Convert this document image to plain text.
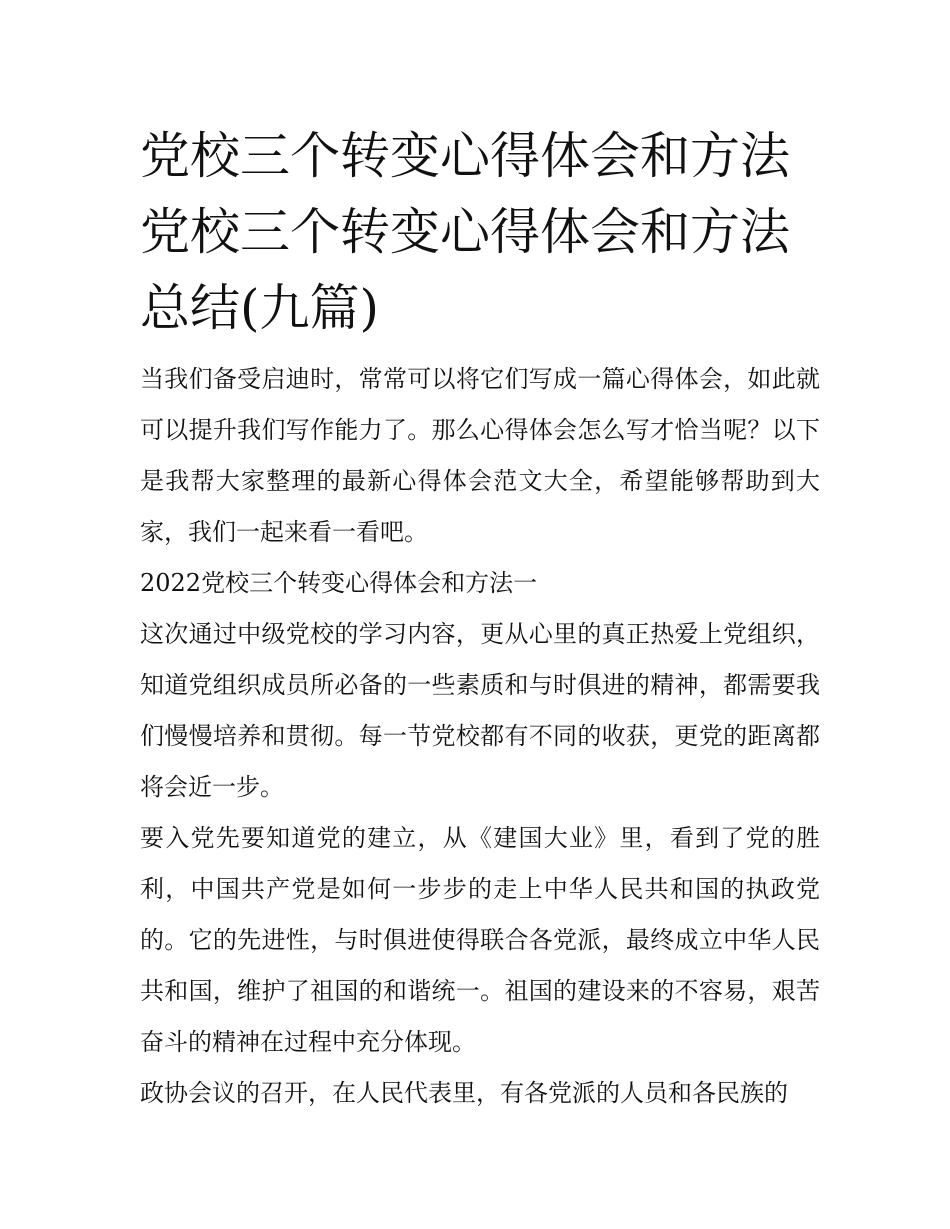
党校三个转变心得体会和方法党校三个转变心得体会和方法总结(九篇)

当我们备受启迪时，常常可以将它们写成一篇心得体会，如此就可以提升我们写作能力了。那么心得体会怎么写才恰当呢？以下是我帮大家整理的最新心得体会范文大全，希望能够帮助到大家，我们一起来看一看吧。

2022党校三个转变心得体会和方法一

这次通过中级党校的学习内容，更从心里的真正热爱上党组织，知道党组织成员所必备的一些素质和与时俱进的精神，都需要我们慢慢培养和贯彻。每一节党校都有不同的收获，更党的距离都将会近一步。

要入党先要知道党的建立，从《建国大业》里，看到了党的胜利，中国共产党是如何一步步的走上中华人民共和国的执政党的。它的先进性，与时俱进使得联合各党派，最终成立中华人民共和国，维护了祖国的和谐统一。祖国的建设来的不容易，艰苦奋斗的精神在过程中充分体现。

政协会议的召开，在人民代表里，有各党派的人员和各民族的
